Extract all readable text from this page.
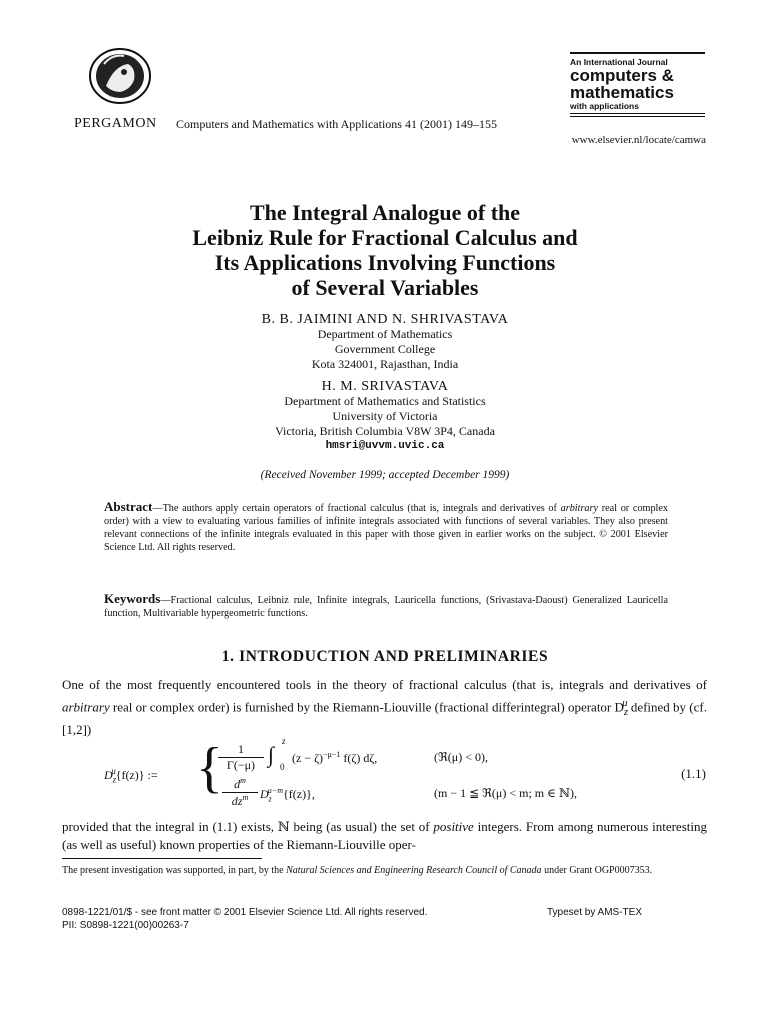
PERGAMON Computers and Mathematics with Applications 41 (2001) 149–155
An International Journal
computers &
mathematics
with applications
www.elsevier.nl/locate/camwa
The Integral Analogue of the
Leibniz Rule for Fractional Calculus and
Its Applications Involving Functions
of Several Variables
B. B. JAIMINI AND N. SHRIVASTAVA
Department of Mathematics
Government College
Kota 324001, Rajasthan, India
H. M. SRIVASTAVA
Department of Mathematics and Statistics
University of Victoria
Victoria, British Columbia V8W 3P4, Canada
hmsri@uvvm.uvic.ca
(Received November 1999; accepted December 1999)
Abstract—The authors apply certain operators of fractional calculus (that is, integrals and derivatives of arbitrary real or complex order) with a view to evaluating various families of infinite integrals associated with functions of several variables. They also present relevant connections of the infinite integrals evaluated in this paper with those given in earlier works on the subject. © 2001 Elsevier Science Ltd. All rights reserved.
Keywords—Fractional calculus, Leibniz rule, Infinite integrals, Lauricella functions, (Srivastava-Daoust) Generalized Lauricella function, Multivariable hypergeometric functions.
1. INTRODUCTION AND PRELIMINARIES
One of the most frequently encountered tools in the theory of fractional calculus (that is, integrals and derivatives of arbitrary real or complex order) is furnished by the Riemann-Liouville (fractional differintegral) operator $D_z^\mu$ defined by (cf. [1,2])
$D_z^\mu\{f(z)\}$ := {
$\frac{1}{\Gamma(-\mu)}$ ∫
z
0
$(z - \zeta)^{-\mu-1}$ f(ζ) dζ,	(ℜ(μ) < 0),
$d^m$
$dz^m$ $D_z^{\mu-m}\{f(z)\}$,	(m − 1 ≦ ℜ(μ) < m; m ∈ ℕ),
(1.1)
provided that the integral in (1.1) exists, ℕ being (as usual) the set of positive integers. From among numerous interesting (as well as useful) known properties of the Riemann-Liouville oper-
The present investigation was supported, in part, by the Natural Sciences and Engineering Research Council of Canada under Grant OGP0007353.
0898-1221/01/$ - see front matter © 2001 Elsevier Science Ltd. All rights reserved.	Typeset by AMS-TEX
PII: S0898-1221(00)00263-7
